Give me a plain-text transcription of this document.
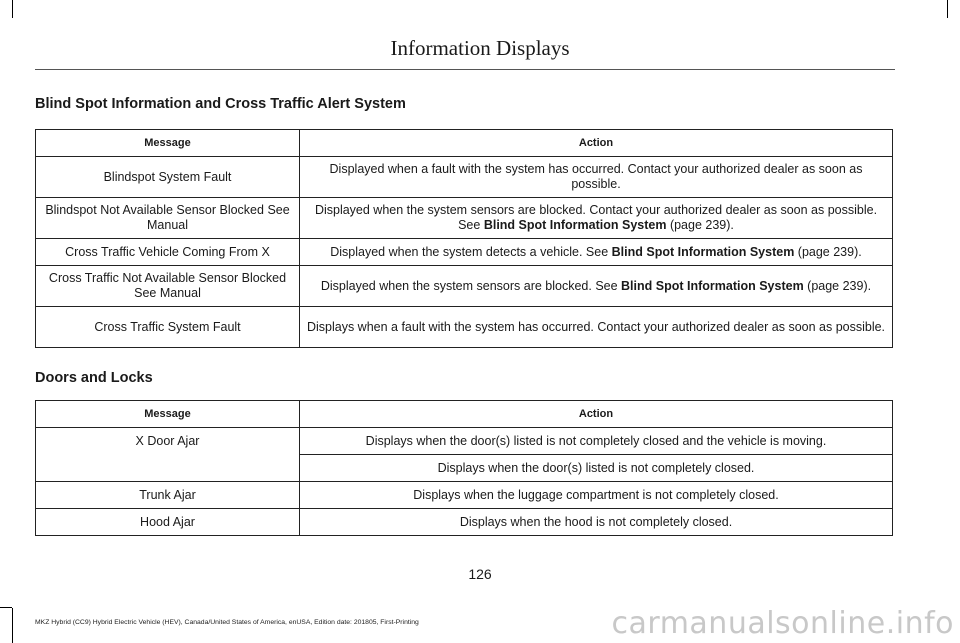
Information Displays
Blind Spot Information and Cross Traffic Alert System
Message	Action
Blindspot System Fault	Displayed when a fault with the system has occurred. Contact your authorized dealer as soon as possible.
Blindspot Not Available Sensor Blocked See Manual	Displayed when the system sensors are blocked. Contact your authorized dealer as soon as possible. See Blind Spot Information System (page 239).
Cross Traffic Vehicle Coming From X	Displayed when the system detects a vehicle. See Blind Spot Information System (page 239).
Cross Traffic Not Available Sensor Blocked See Manual	Displayed when the system sensors are blocked. See Blind Spot Information System (page 239).
Cross Traffic System Fault	Displays when a fault with the system has occurred. Contact your authorized dealer as soon as possible.
Doors and Locks
Message	Action
X Door Ajar	Displays when the door(s) listed is not completely closed and the vehicle is moving.
	Displays when the door(s) listed is not completely closed.
Trunk Ajar	Displays when the luggage compartment is not completely closed.
Hood Ajar	Displays when the hood is not completely closed.
126
MKZ Hybrid (CC9) Hybrid Electric Vehicle (HEV), Canada/United States of America, enUSA, Edition date: 201805, First-Printing	carmanualsonline.info
